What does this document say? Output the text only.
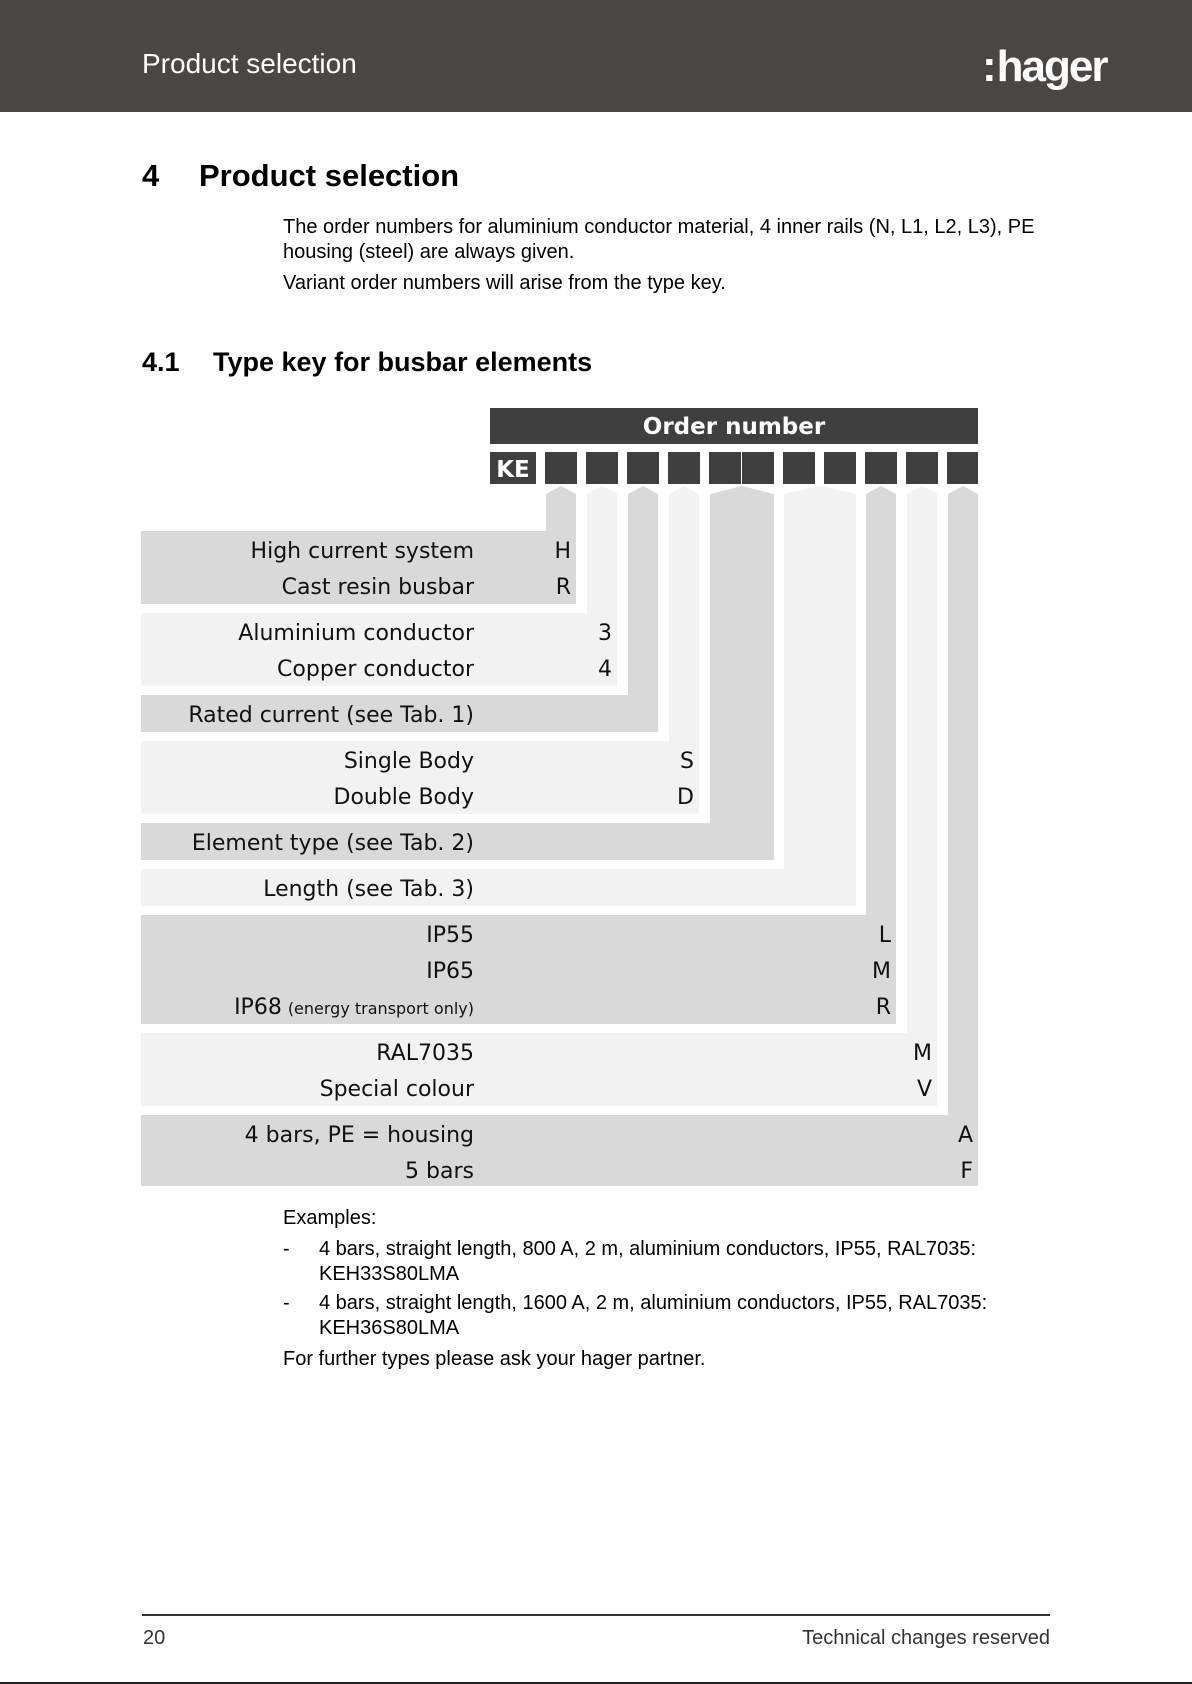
Product selection	:hager
4 Product selection
The order numbers for aluminium conductor material, 4 inner rails (N, L1, L2, L3), PE housing (steel) are always given.
Variant order numbers will arise from the type key.
4.1 Type key for busbar elements
Order number
KE
High current system
Cast resin busbar
Aluminium conductor
Copper conductor
Rated current (see Tab. 1)
Single Body
Double Body
Element type (see Tab. 2)
Length (see Tab. 3)
IP55
IP65
IP68 (energy transport only)
RAL7035
Special colour
4 bars, PE = housing
5 bars
H
R
3
4
S
D
L
M
R
M
V
A
F
Examples:
- 4 bars, straight length, 800 A, 2 m, aluminium conductors, IP55, RAL7035: KEH33S80LMA
- 4 bars, straight length, 1600 A, 2 m, aluminium conductors, IP55, RAL7035: KEH36S80LMA
For further types please ask your hager partner.
20	Technical changes reserved
